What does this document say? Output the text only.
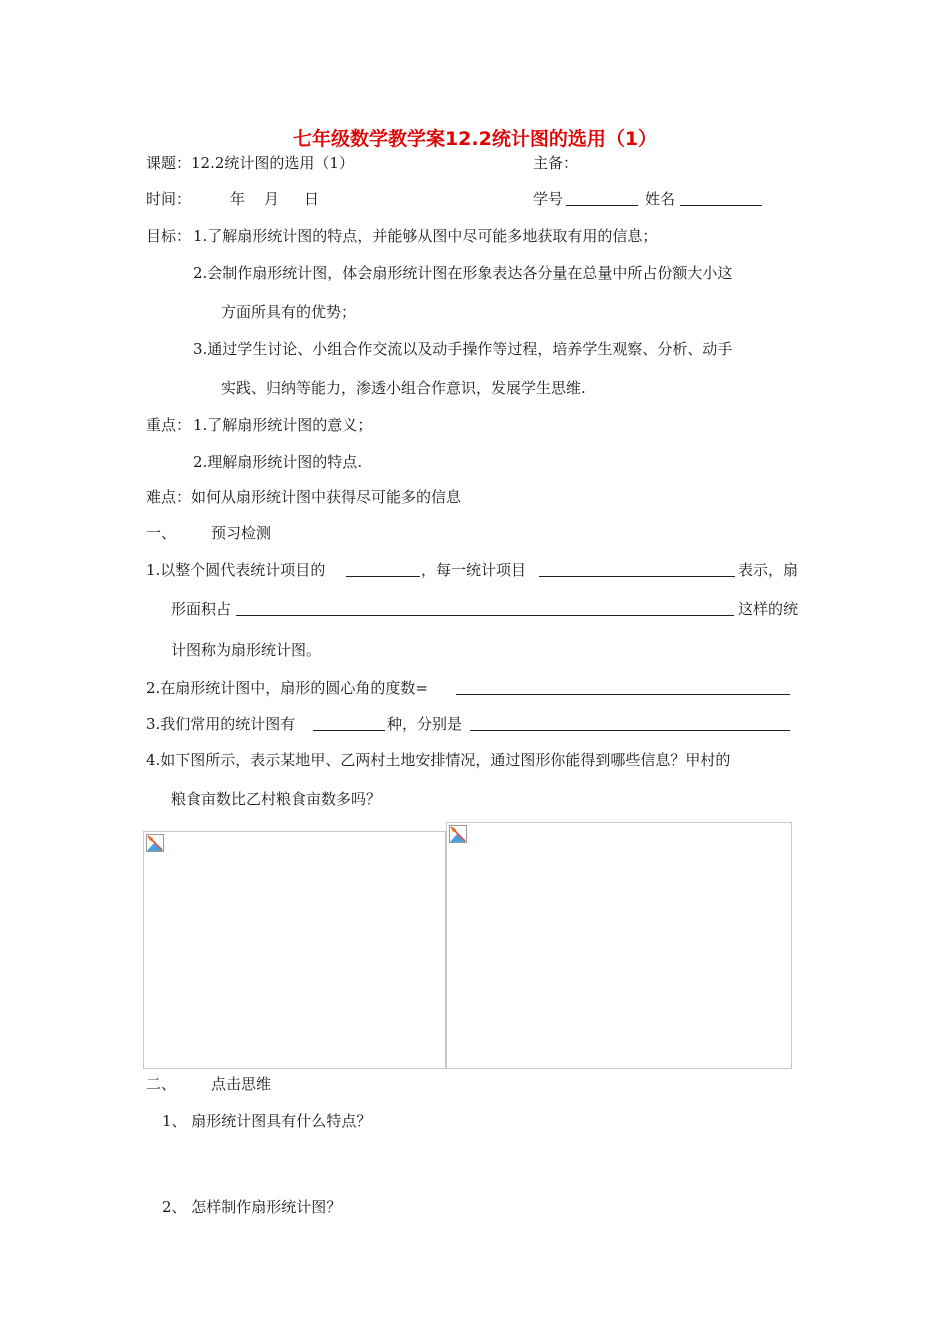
七年级数学教学案12.2统计图的选用（1）
课题：12.2统计图的选用（1）	主备：
时间：	年 月 日	学号	姓名
目标： 1.了解扇形统计图的特点，并能够从图中尽可能多地获取有用的信息；
2.会制作扇形统计图，体会扇形统计图在形象表达各分量在总量中所占份额大小这
方面所具有的优势；
3.通过学生讨论、小组合作交流以及动手操作等过程，培养学生观察、分析、动手
实践、归纳等能力，渗透小组合作意识，发展学生思维.
重点： 1.了解扇形统计图的意义；
2.理解扇形统计图的特点.
难点：如何从扇形统计图中获得尽可能多的信息
一、 预习检测
1.以整个圆代表统计项目的	，每一统计项目	表示，扇
形面积占	这样的统
计图称为扇形统计图。
2.在扇形统计图中，扇形的圆心角的度数=
3.我们常用的统计图有	种，分别是
4.如下图所示，表示某地甲、乙两村土地安排情况，通过图形你能得到哪些信息？甲村的
粮食亩数比乙村粮食亩数多吗？
二、 点击思维
1、 扇形统计图具有什么特点？
2、 怎样制作扇形统计图？
